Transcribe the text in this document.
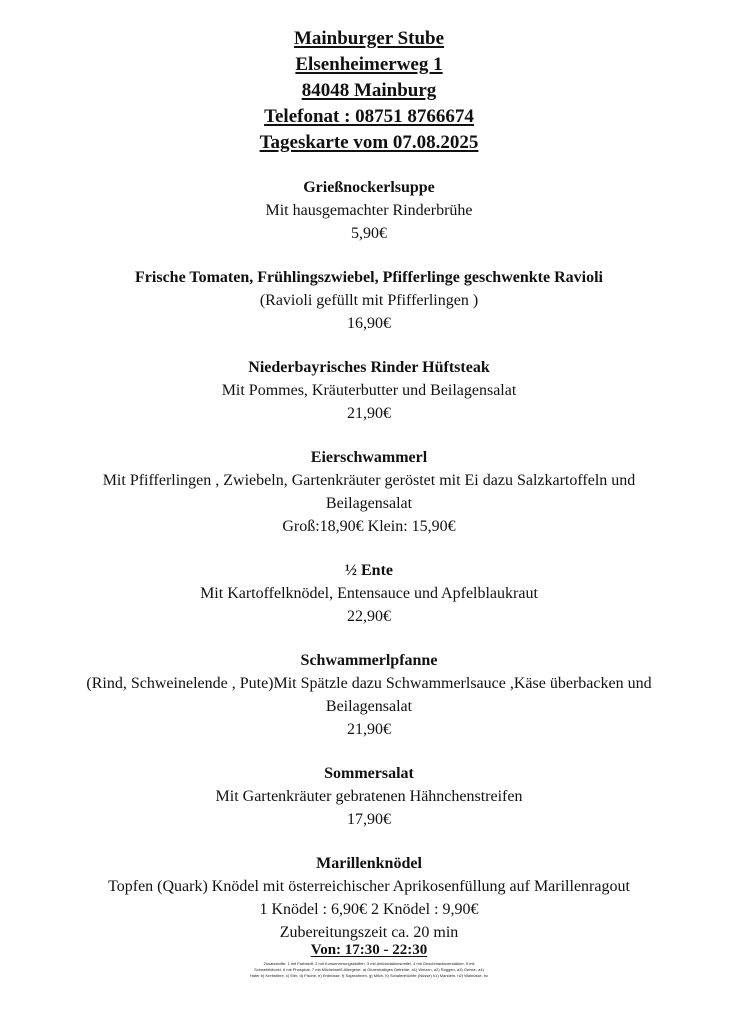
Mainburger Stube
Elsenheimerweg 1
84048 Mainburg
Telefonat : 08751 8766674
Tageskarte vom 07.08.2025
Grießnockerlsuppe
Mit hausgemachter Rinderbrühe
5,90€
Frische Tomaten, Frühlingszwiebel, Pfifferlinge geschwenkte Ravioli
(Ravioli gefüllt mit Pfifferlingen )
16,90€
Niederbayrisches Rinder Hüftsteak
Mit Pommes, Kräuterbutter und Beilagensalat
21,90€
Eierschwammerl
Mit Pfifferlingen , Zwiebeln, Gartenkräuter geröstet mit Ei dazu Salzkartoffeln und
Beilagensalat
Groß:18,90€ Klein: 15,90€
½ Ente
Mit Kartoffelknödel, Entensauce und Apfelblaukraut
22,90€
Schwammerlpfanne
(Rind, Schweinelende , Pute)Mit Spätzle dazu Schwammerlsauce ,Käse überbacken und
Beilagensalat
21,90€
Sommersalat
Mit Gartenkräuter gebratenen Hähnchenstreifen
17,90€
Marillenknödel
Topfen (Quark) Knödel mit österreichischer Aprikosenfüllung auf Marillenragout
1 Knödel : 6,90€ 2 Knödel : 9,90€
Zubereitungszeit ca. 20 min
Von: 17:30 - 22:30
Zusatzstoffe: 1 mit Farbstoff, 2 mit Konservierungsstoffen, 3 mit Antioxidationsmittel, 4 mit Geschmacksverstärker, 5 mit
Schwefeldioxid, 6 mit Phosphat, 7 mit Milcheiweiß Allergene: a) Glutenhaltiges Getreide, a1) Weizen, a2) Roggen, a3) Gerste, a4)
Hafer b) Krebstiere, c) Eier, d) Fische, e) Erdnüsse, f) Sojabohnen, g) Milch, h) Schalenfrüchte (Nüsse) h1) Mandeln, h2) Walnüsse, hc
